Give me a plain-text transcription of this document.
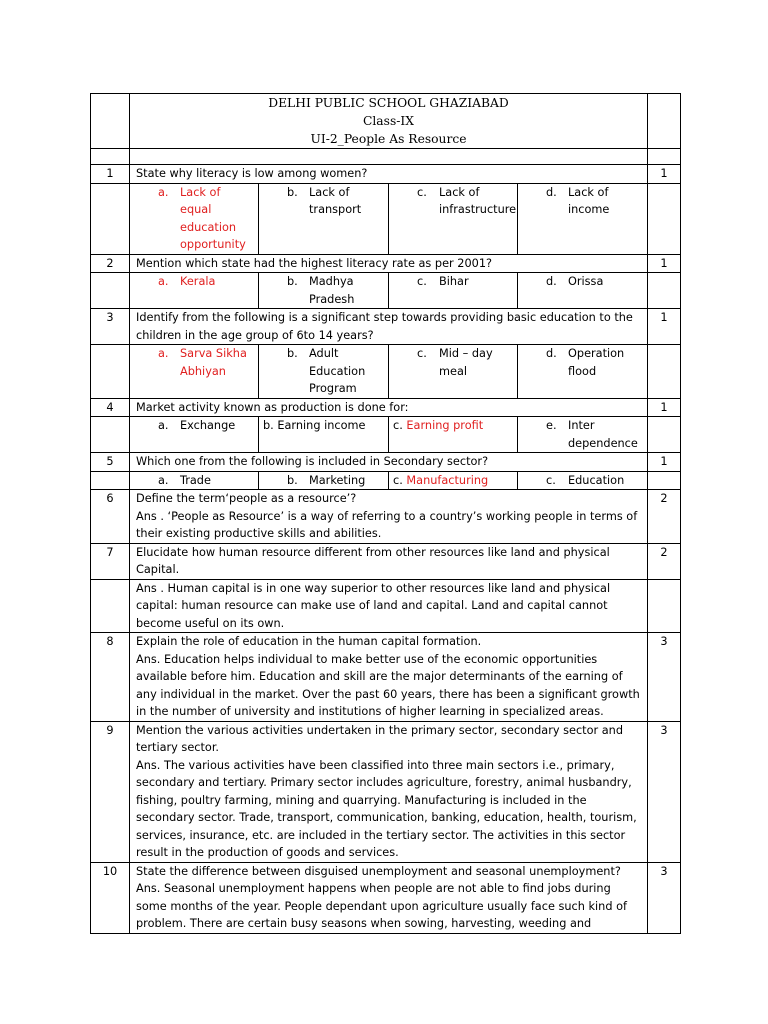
	DELHI PUBLIC SCHOOL GHAZIABAD
Class-IX
UI-2_People As Resource				

1	State why literacy is low among women?				1

	a. Lack of equal education opportunity	b. Lack of transport	c. Lack of infrastructure	d. Lack of income	

2	Mention which state had the highest literacy rate as per 2001?				1

	a. Kerala	b. Madhya Pradesh	c. Bihar	d. Orissa	

3	Identify from the following is a significant step towards providing basic education to the children in the age group of 6to 14 years?				1

	a. Sarva Sikha Abhiyan	b. Adult Education Program	c. Mid – day meal	d. Operation flood	

4	Market activity known as production is done for:				1

	a. Exchange	b. Earning income	c. Earning profit	e. Inter dependence	

5	Which one from the following is included in Secondary sector?				1

	a. Trade	b. Marketing	c. Manufacturing	c. Education	

6	Define the term‘people as a resource’?
Ans . ‘People as Resource’ is a way of referring to a country’s working people in terms of their existing productive skills and abilities.				2
7	Elucidate how human resource different from other resources like land and physical Capital.				2
	Ans . Human capital is in one way superior to other resources like land and physical capital: human resource can make use of land and capital. Land and capital cannot become useful on its own.				
8	Explain the role of education in the human capital formation.
Ans. Education helps individual to make better use of the economic opportunities available before him. Education and skill are the major determinants of the earning of any individual in the market. Over the past 60 years, there has been a significant growth in the number of university and institutions of higher learning in specialized areas.				3
9	Mention the various activities undertaken in the primary sector, secondary sector and tertiary sector.
Ans. The various activities have been classified into three main sectors i.e., primary, secondary and tertiary. Primary sector includes agriculture, forestry, animal husbandry, fishing, poultry farming, mining and quarrying. Manufacturing is included in the secondary sector. Trade, transport, communication, banking, education, health, tourism, services, insurance, etc. are included in the tertiary sector. The activities in this sector result in the production of goods and services.				3
10	State the difference between disguised unemployment and seasonal unemployment?
Ans. Seasonal unemployment happens when people are not able to find jobs during some months of the year. People dependant upon agriculture usually face such kind of problem. There are certain busy seasons when sowing, harvesting, weeding and				3
